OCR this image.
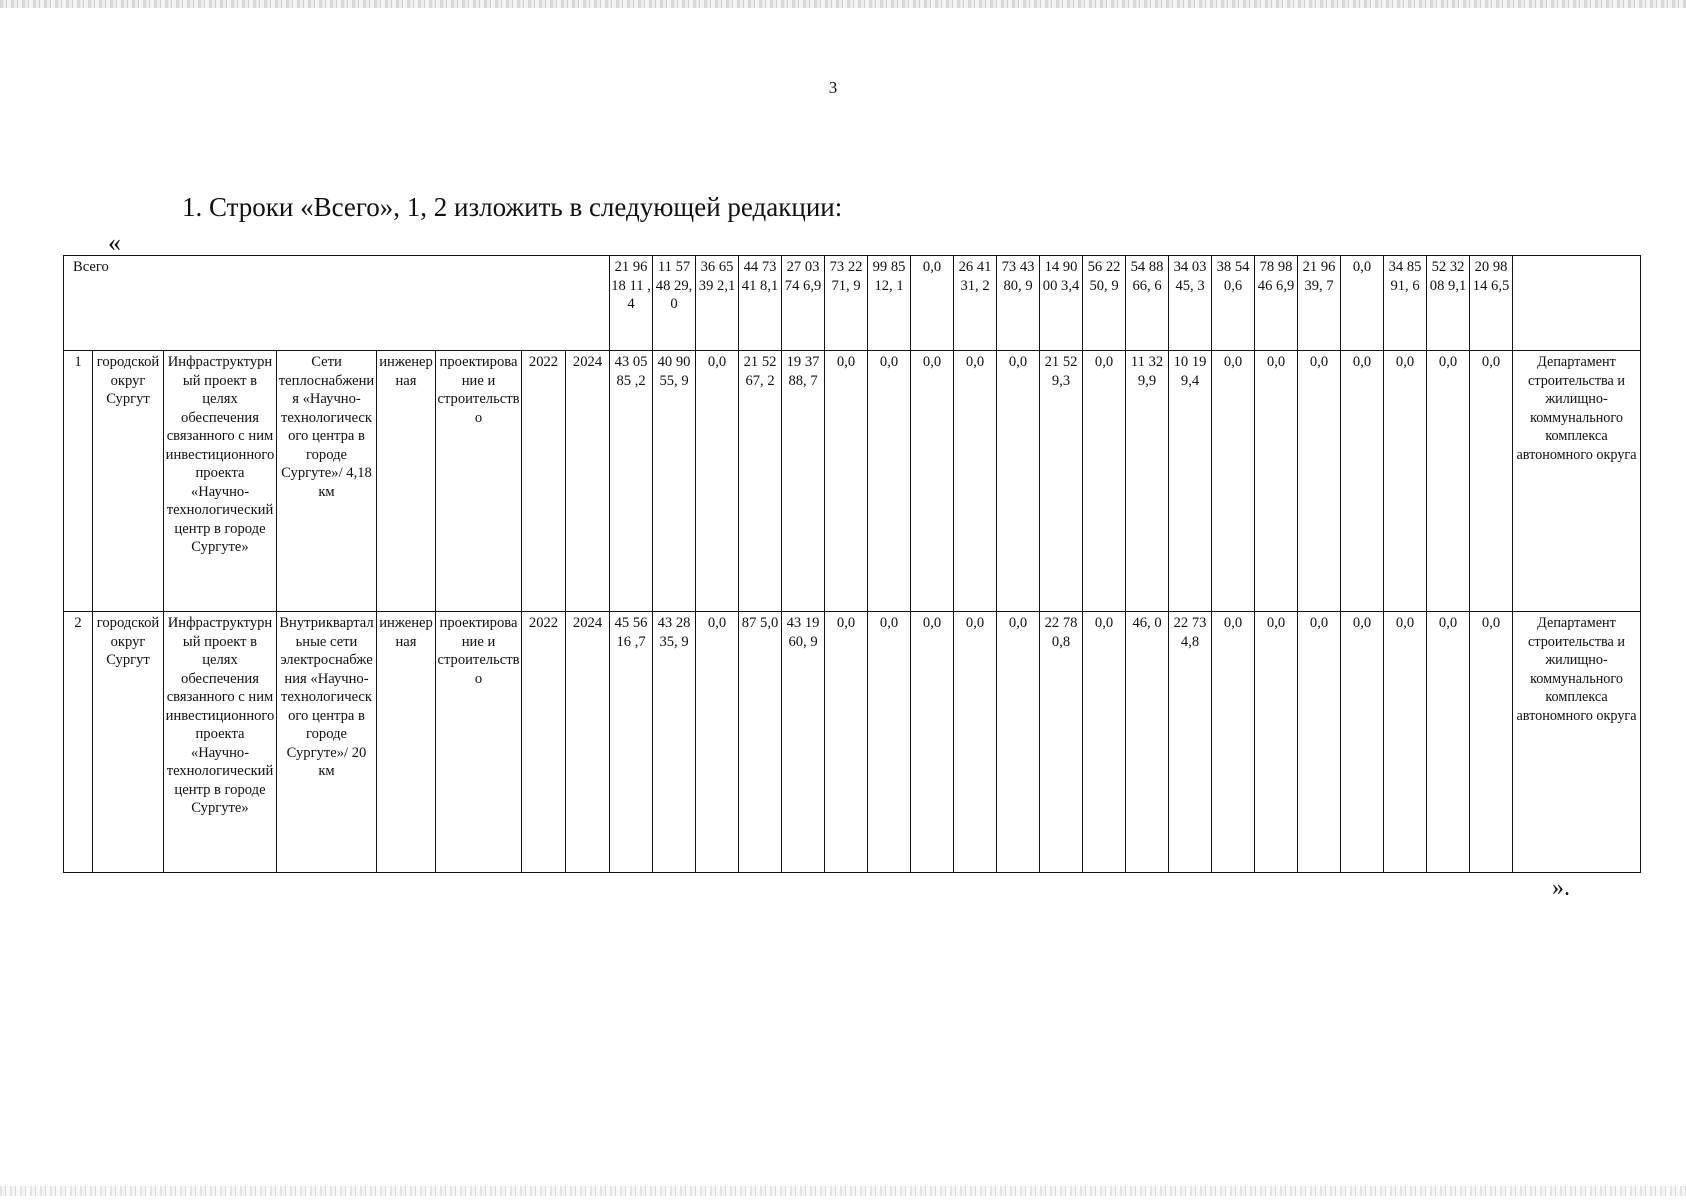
3
1. Строки «Всего», 1, 2 изложить в следующей редакции:
«
Всего								21 96 18 11 ,4	11 57 48 29, 0	36 65 39 2,1	44 73 41 8,1	27 03 74 6,9	73 22 71, 9	99 85 12, 1	0,0	26 41 31, 2	73 43 80, 9	14 90 00 3,4	56 22 50, 9	54 88 66, 6	34 03 45, 3	38 54 0,6	78 98 46 6,9	21 96 39, 7	0,0	34 85 91, 6	52 32 08 9,1	20 98 14 6,5	
1	городской округ Сургут	Инфраструктурный проект в целях обеспечения связанного с ним инвестиционного проекта «Научно-технологический центр в городе Сургуте»	Сети теплоснабжения «Научно-технологического центра в городе Сургуте»/ 4,18 км	инженерная	проектирование и строительство	2022	2024	43 05 85 ,2	40 90 55, 9	0,0	21 52 67, 2	19 37 88, 7	0,0	0,0	0,0	0,0	0,0	21 52 9,3	0,0	11 32 9,9	10 19 9,4	0,0	0,0	0,0	0,0	0,0	0,0	0,0	Департамент строительства и жилищно-коммунального комплекса автономного округа
2	городской округ Сургут	Инфраструктурный проект в целях обеспечения связанного с ним инвестиционного проекта «Научно-технологический центр в городе Сургуте»	Внутриквартальные сети электроснабжения «Научно-технологического центра в городе Сургуте»/ 20 км	инженерная	проектирование и строительство	2022	2024	45 56 16 ,7	43 28 35, 9	0,0	87 5,0	43 19 60, 9	0,0	0,0	0,0	0,0	0,0	22 78 0,8	0,0	46, 0	22 73 4,8	0,0	0,0	0,0	0,0	0,0	0,0	0,0	Департамент строительства и жилищно-коммунального комплекса автономного округа
».
